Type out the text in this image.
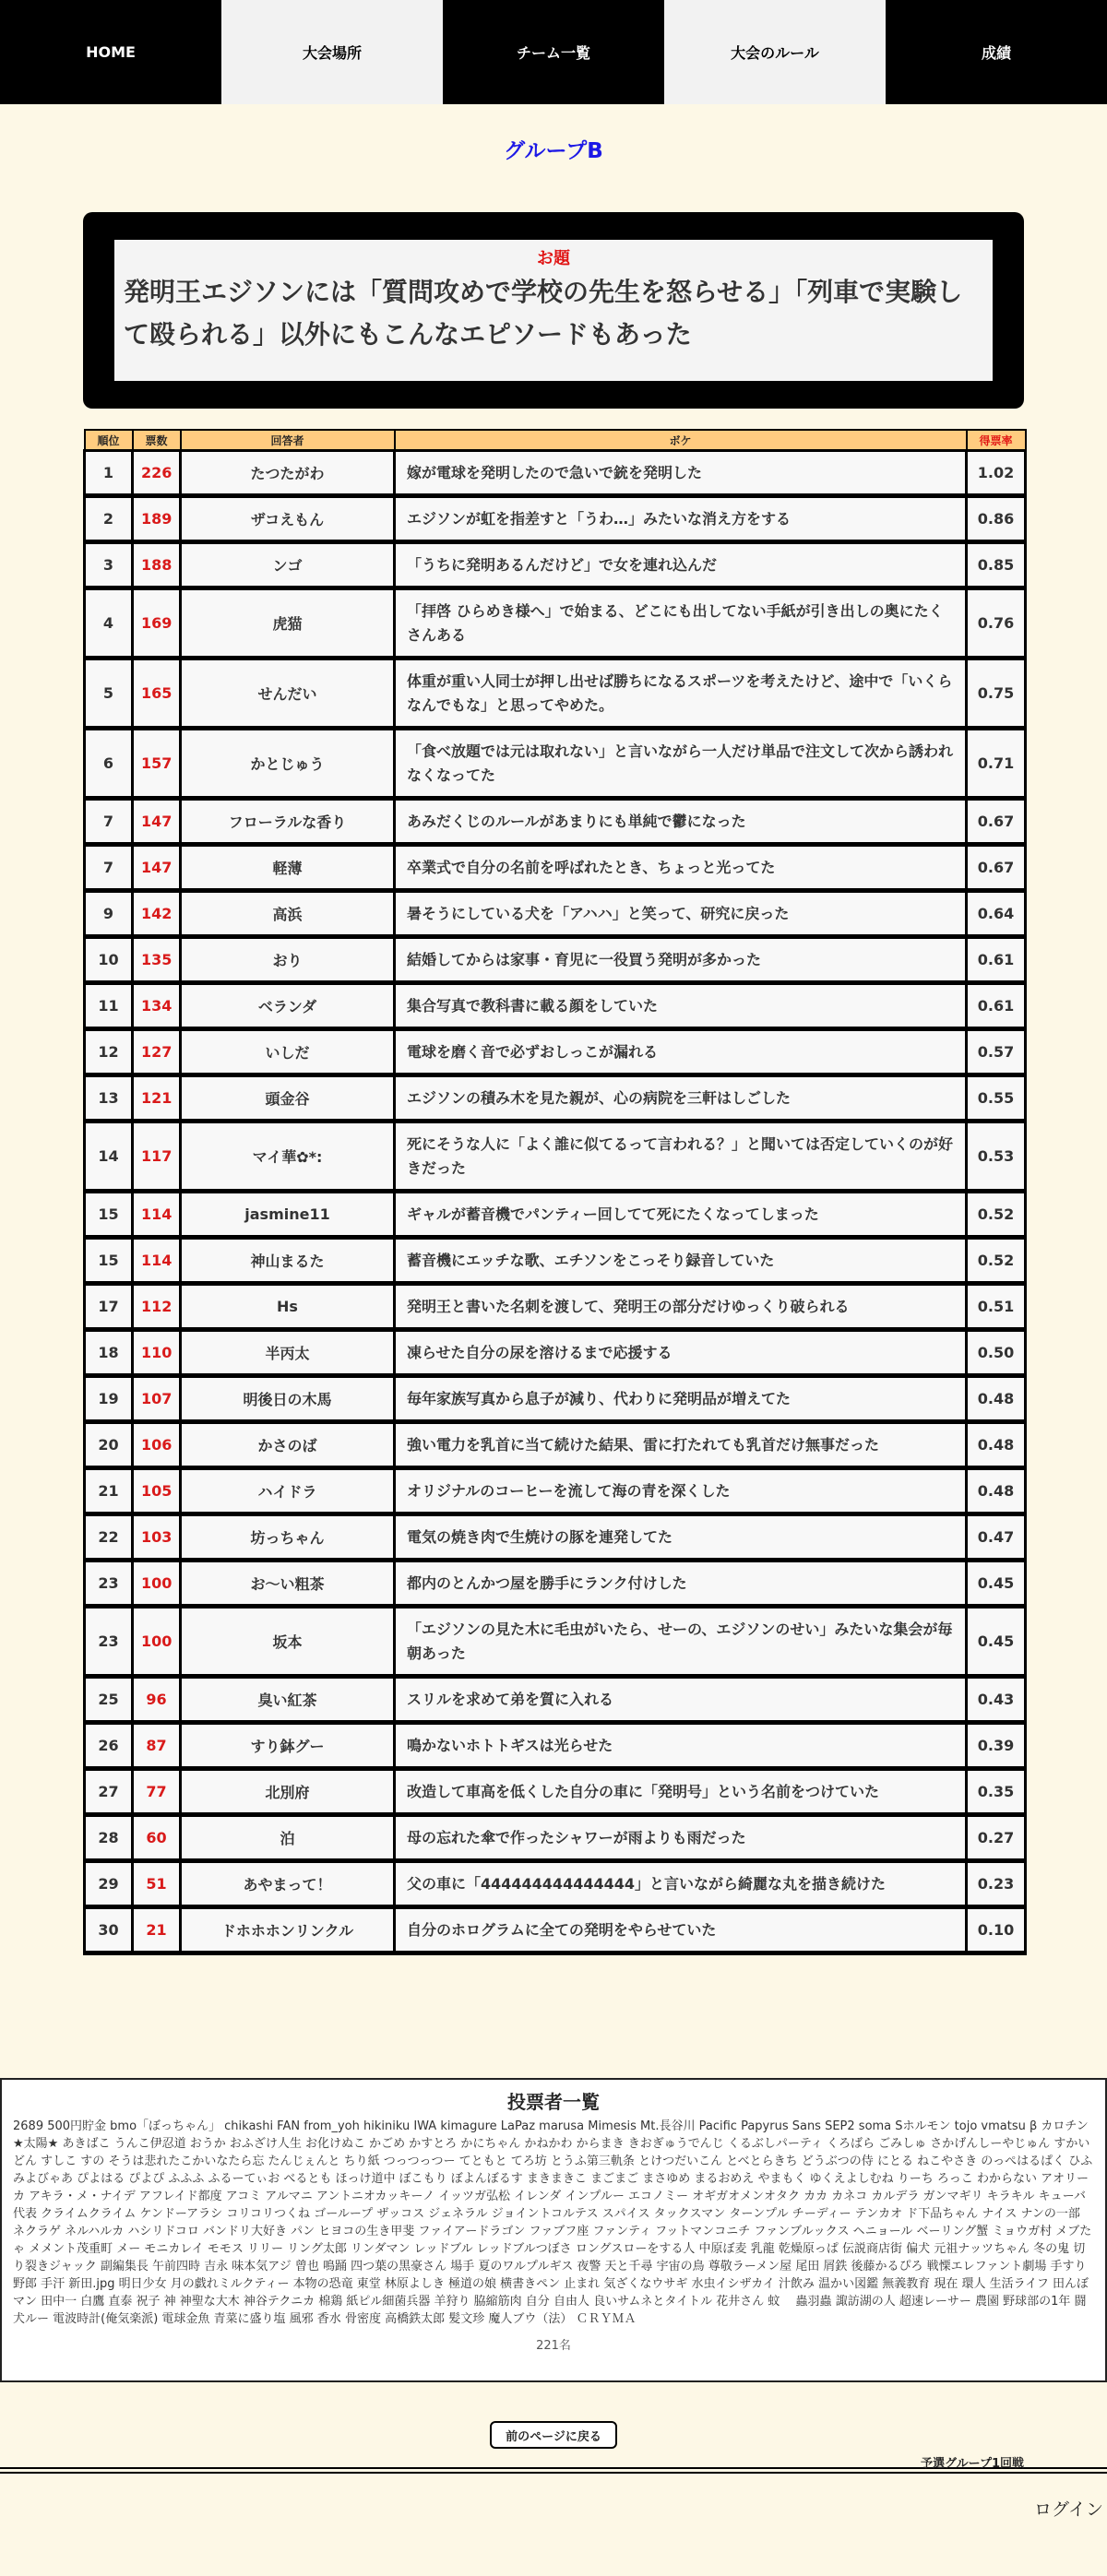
HOME	大会場所	チーム一覧	大会のルール	成績
グループB
お題
発明王エジソンには「質問攻めで学校の先生を怒らせる」「列車で実験して殴られる」以外にもこんなエピソードもあった
順位	票数	回答者	ボケ	得票率
1	226	たつたがわ	嫁が電球を発明したので急いで銃を発明した	1.02
2	189	ザコえもん	エジソンが虹を指差すと「うわ…」みたいな消え方をする	0.86
3	188	ンゴ	「うちに発明あるんだけど」で女を連れ込んだ	0.85
4	169	虎猫	「拝啓 ひらめき様へ」で始まる、どこにも出してない手紙が引き出しの奥にたくさんある	0.76
5	165	せんだい	体重が重い人同士が押し出せば勝ちになるスポーツを考えたけど、途中で「いくらなんでもな」と思ってやめた。	0.75
6	157	かとじゅう	「食べ放題では元は取れない」と言いながら一人だけ単品で注文して次から誘われなくなってた	0.71
7	147	フローラルな香り	あみだくじのルールがあまりにも単純で鬱になった	0.67
7	147	軽薄	卒業式で自分の名前を呼ばれたとき、ちょっと光ってた	0.67
9	142	高浜	暑そうにしている犬を「アハハ」と笑って、研究に戻った	0.64
10	135	おり	結婚してからは家事・育児に一役買う発明が多かった	0.61
11	134	ベランダ	集合写真で教科書に載る顔をしていた	0.61
12	127	いしだ	電球を磨く音で必ずおしっこが漏れる	0.57
13	121	頭金谷	エジソンの積み木を見た親が、心の病院を三軒はしごした	0.55
14	117	マイ華✿*:	死にそうな人に「よく誰に似てるって言われる？」と聞いては否定していくのが好きだった	0.53
15	114	jasmine11	ギャルが蓄音機でパンティー回してて死にたくなってしまった	0.52
15	114	神山まるた	蓄音機にエッチな歌、エチソンをこっそり録音していた	0.52
17	112	Hs	発明王と書いた名刺を渡して、発明王の部分だけゆっくり破られる	0.51
18	110	半丙太	凍らせた自分の尿を溶けるまで応援する	0.50
19	107	明後日の木馬	毎年家族写真から息子が減り、代わりに発明品が増えてた	0.48
20	106	かさのば	強い電力を乳首に当て続けた結果、雷に打たれても乳首だけ無事だった	0.48
21	105	ハイドラ	オリジナルのコーヒーを流して海の青を深くした	0.48
22	103	坊っちゃん	電気の焼き肉で生焼けの豚を連発してた	0.47
23	100	お〜い粗茶	都内のとんかつ屋を勝手にランク付けした	0.45
23	100	坂本	「エジソンの見た木に毛虫がいたら、せーの、エジソンのせい」みたいな集会が毎朝あった	0.45
25	96	臭い紅茶	スリルを求めて弟を質に入れる	0.43
26	87	すり鉢グー	鳴かないホトトギスは光らせた	0.39
27	77	北別府	改造して車高を低くした自分の車に「発明号」という名前をつけていた	0.35
28	60	泊	母の忘れた傘で作ったシャワーが雨よりも雨だった	0.27
29	51	あやまって！	父の車に「444444444444444」と言いながら綺麗な丸を描き続けた	0.23
30	21	ドホホホンリンクル	自分のホログラムに全ての発明をやらせていた	0.10
投票者一覧
2689 500円貯金 bmo「ぼっちゃん」 chikashi FAN from_yoh hikiniku IWA kimagure LaPaz marusa Mimesis Mt.長谷川 Pacific Papyrus Sans SEP2 soma Sホルモン tojo vmatsu β カロチン ★太陽★ あきばこ うんこ伊忍道 おうか おふざけ人生 お化けぬこ かごめ かすとろ かにちゃん かねかわ からまき きおぎゅうでんじ くるぶしパーティ くろばら ごみしゅ さかげんしーやじゅん すかいどん すしこ すの そうは悲れたこかいなたら忘 たんじぇんと ちり紙 つっつっつー てともと てろ坊 とうふ第三軌条 とけつだいこん とべとらきち どうぶつの侍 にとる ねこやさき のっぺはるぱく ひふみよびゃあ ぴよはる ぴよぴ ふふふ ふるーてぃお べるとも ほっけ道中 ぼこもり ぼよんぼるす まきまきこ まごまご まさゆめ まるおめえ やまもく ゆくえよしむね りーち ろっこ わからない アオリーカ アキラ・メ・ナイデ アフレイド都度 アコミ アルマニ アントニオカッキーノ イッツガ弘松 イレンダ インプルー エコノミー オギガオメンオタク カカ カネコ カルデラ ガンマギリ キラキル キューバ代表 クライムクライム ケンドーアラシ コリコリつくね ゴーループ ザッコス ジェネラル ジョイントコルテス スパイス タックスマン ターンプル チーディー テンカオ ド下品ちゃん ナイス ナンの一部 ネクラゲ ネルハルカ ハシリドコロ バンドリ大好き パン ヒヨコの生き甲斐 ファイアードラゴン ファブフ座 ファンティ フットマンコニチ ファンブルックス ヘニョール ベーリング蟹 ミョウガ村 メブたゃ メメント茂重町 メー モニカレイ モモス リリー リング太郎 リンダマン レッドブル レッドブルつぼさ ロングスローをする人 中原ぼ麦 乳龍 乾燥原っぱ 伝説商店街 偏犬 元祖ナッツちゃん 冬の鬼 切り裂きジャック 副編集長 午前四時 吉永 味本気アジ 曾也 鳴踊 四つ葉の黒豪さん 場手 夏のワルプルギス 夜警 天と千尋 宇宙の鳥 尊敬ラーメン屋 尾田 屑鉄 後藤かるぴろ 戦慄エレファント劇場 手すり野郎 手汗 新田.jpg 明日少女 月の戯れミルクティー 本物の恐竜 東堂 林原よしき 極道の娘 横書きペン 止まれ 気ざくなウサギ 水虫イシザカイ 汁飲み 温かい図鑑 無義教育 現在 環人 生活ライフ 田んぼマン 田中一 白鷹 直泰 祝子 神 神聖な大木 神谷テクニカ 棉鶏 紙ピル細菌兵器 羊狩り 脇縮筋肉 自分 自由人 良いサムネとタイトル 花井さん 蚊 　蟲羽蟲 諏訪湖の人 超速レーサー 農園 野球部の1年 闘犬ルー 電波時計(俺気楽派) 電球金魚 青菜に盛り塩 風邪 香水 骨密度 高橋鉄太郎 髪文珍 魔人ブウ（法） ＣＲＹＭＡ
221名
前のページに戻る
予選グループ1回戦
ログイン
